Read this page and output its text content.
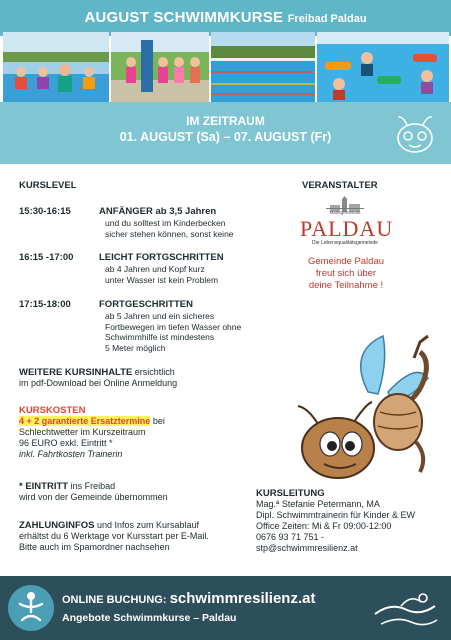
AUGUST SCHWIMMKURSE Freibad Paldau
IM ZEITRAUM
01. AUGUST (Sa) – 07. AUGUST (Fr)
KURSLEVEL
15:30-16:15	ANFÄNGER ab 3,5 Jahren
und du solltest im Kinderbecken
sicher stehen können, sonst keine
16:15 -17:00	LEICHT FORTGSCHRITTEN
ab 4 Jahren und Kopf kurz
unter Wasser ist kein Problem
17:15-18:00	FORTGESCHRITTEN
ab 5 Jahren und ein sicheres
Fortbewegen im tiefen Wasser ohne
Schwimmhilfe ist mindestens
5 Meter möglich
WEITERE KURSINHALTE ersichtlich
im pdf-Download bei Online Anmeldung
KURSKOSTEN
4 + 2 garantierte Ersatztermine bei
Schlechtwetter im Kurszeitraum
96 EURO exkl. Eintritt *
inkl. Fahrtkosten Trainerin
* EINTRITT ins Freibad
wird von der Gemeinde übernommen
ZAHLUNGINFOS und Infos zum Kursablauf
erhältst du 6 Werktage vor Kursstart per E-Mail.
Bitte auch im Spamordner nachsehen
VERANSTALTER
Marktgemeinde
PALDAU
Die Lebensqualitätsgemeinde
Gemeinde Paldau
freut sich über
deine Teilnahme !
KURSLEITUNG
Mag.ª Stefanie Petermann, MA
Dipl. Schwimmtrainerin für Kinder & EW
Office Zeiten: Mi & Fr 09:00-12:00
0676 93 71 751 -
stp@schwimmresilienz.at
ONLINE BUCHUNG: schwimmresilienz.at
Angebote Schwimmkurse – Paldau
